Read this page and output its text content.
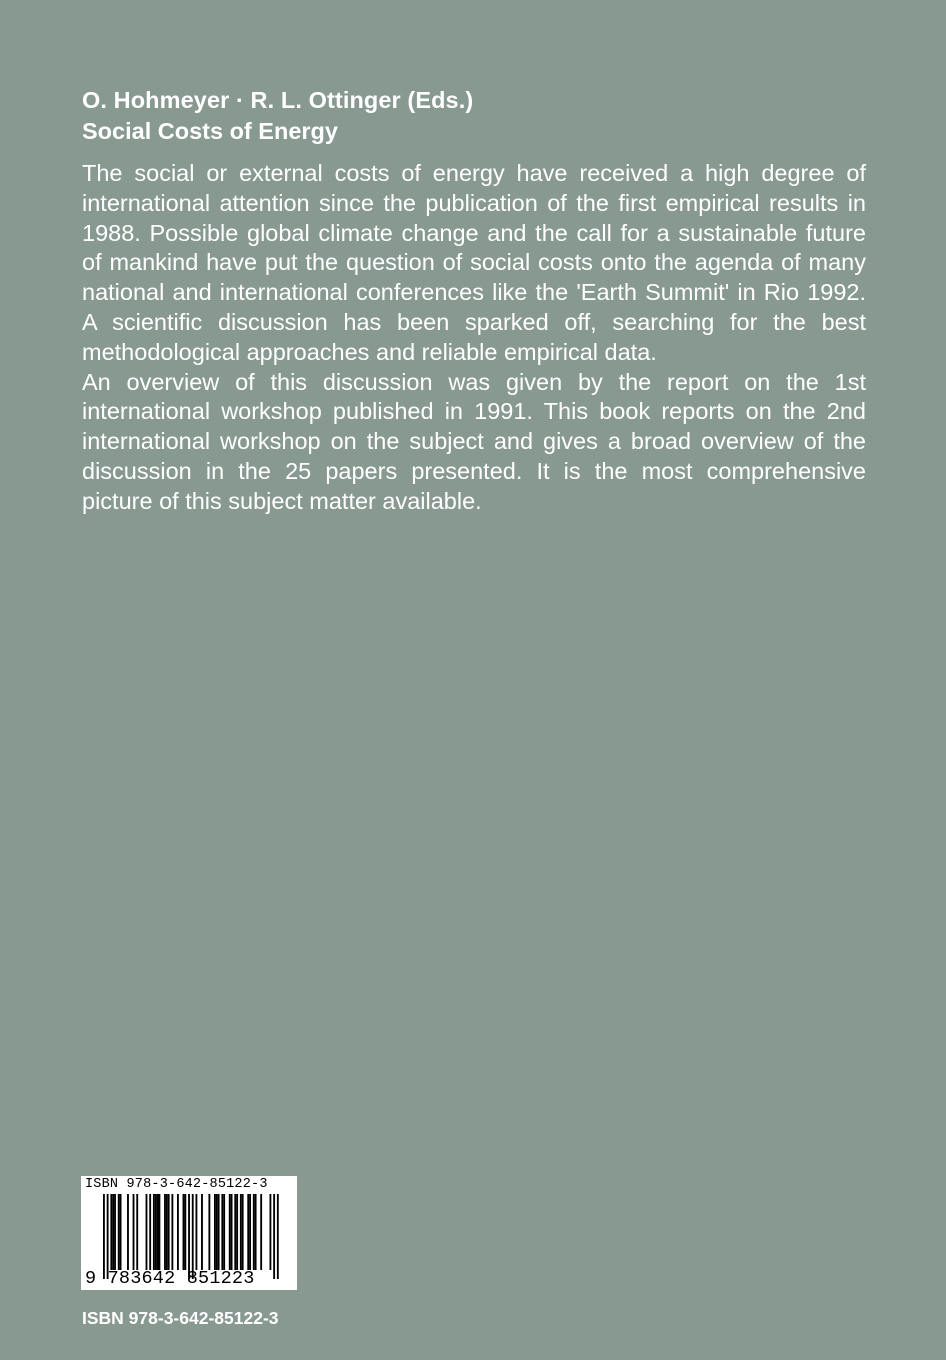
O. Hohmeyer · R. L. Ottinger (Eds.)
Social Costs of Energy

The social or external costs of energy have received a high degree of international attention since the publication of the first empirical results in 1988. Possible global climate change and the call for a sustainable future of mankind have put the question of social costs onto the agenda of many national and international conferences like the 'Earth Summit' in Rio 1992. A scientific discussion has been sparked off, searching for the best methodological approaches and reliable empirical data.

An overview of this discussion was given by the report on the 1st international workshop published in 1991. This book reports on the 2nd international workshop on the subject and gives a broad overview of the discussion in the 25 papers presented. It is the most comprehensive picture of this subject matter available.

ISBN 978-3-642-85122-3
9 783642 851223
ISBN 978-3-642-85122-3
